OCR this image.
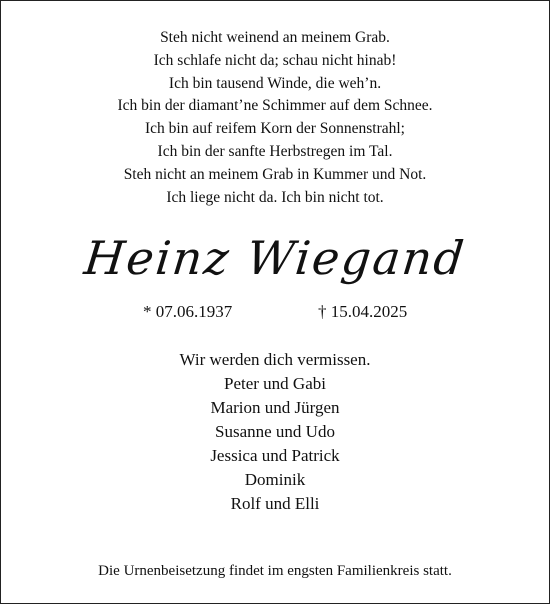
Steh nicht weinend an meinem Grab.
Ich schlafe nicht da; schau nicht hinab!
Ich bin tausend Winde, die weh’n.
Ich bin der diamant’ne Schimmer auf dem Schnee.
Ich bin auf reifem Korn der Sonnenstrahl;
Ich bin der sanfte Herbstregen im Tal.
Steh nicht an meinem Grab in Kummer und Not.
Ich liege nicht da. Ich bin nicht tot.
Heinz Wiegand
* 07.06.1937	† 15.04.2025
Wir werden dich vermissen.
Peter und Gabi
Marion und Jürgen
Susanne und Udo
Jessica und Patrick
Dominik
Rolf und Elli
Die Urnenbeisetzung findet im engsten Familienkreis statt.
